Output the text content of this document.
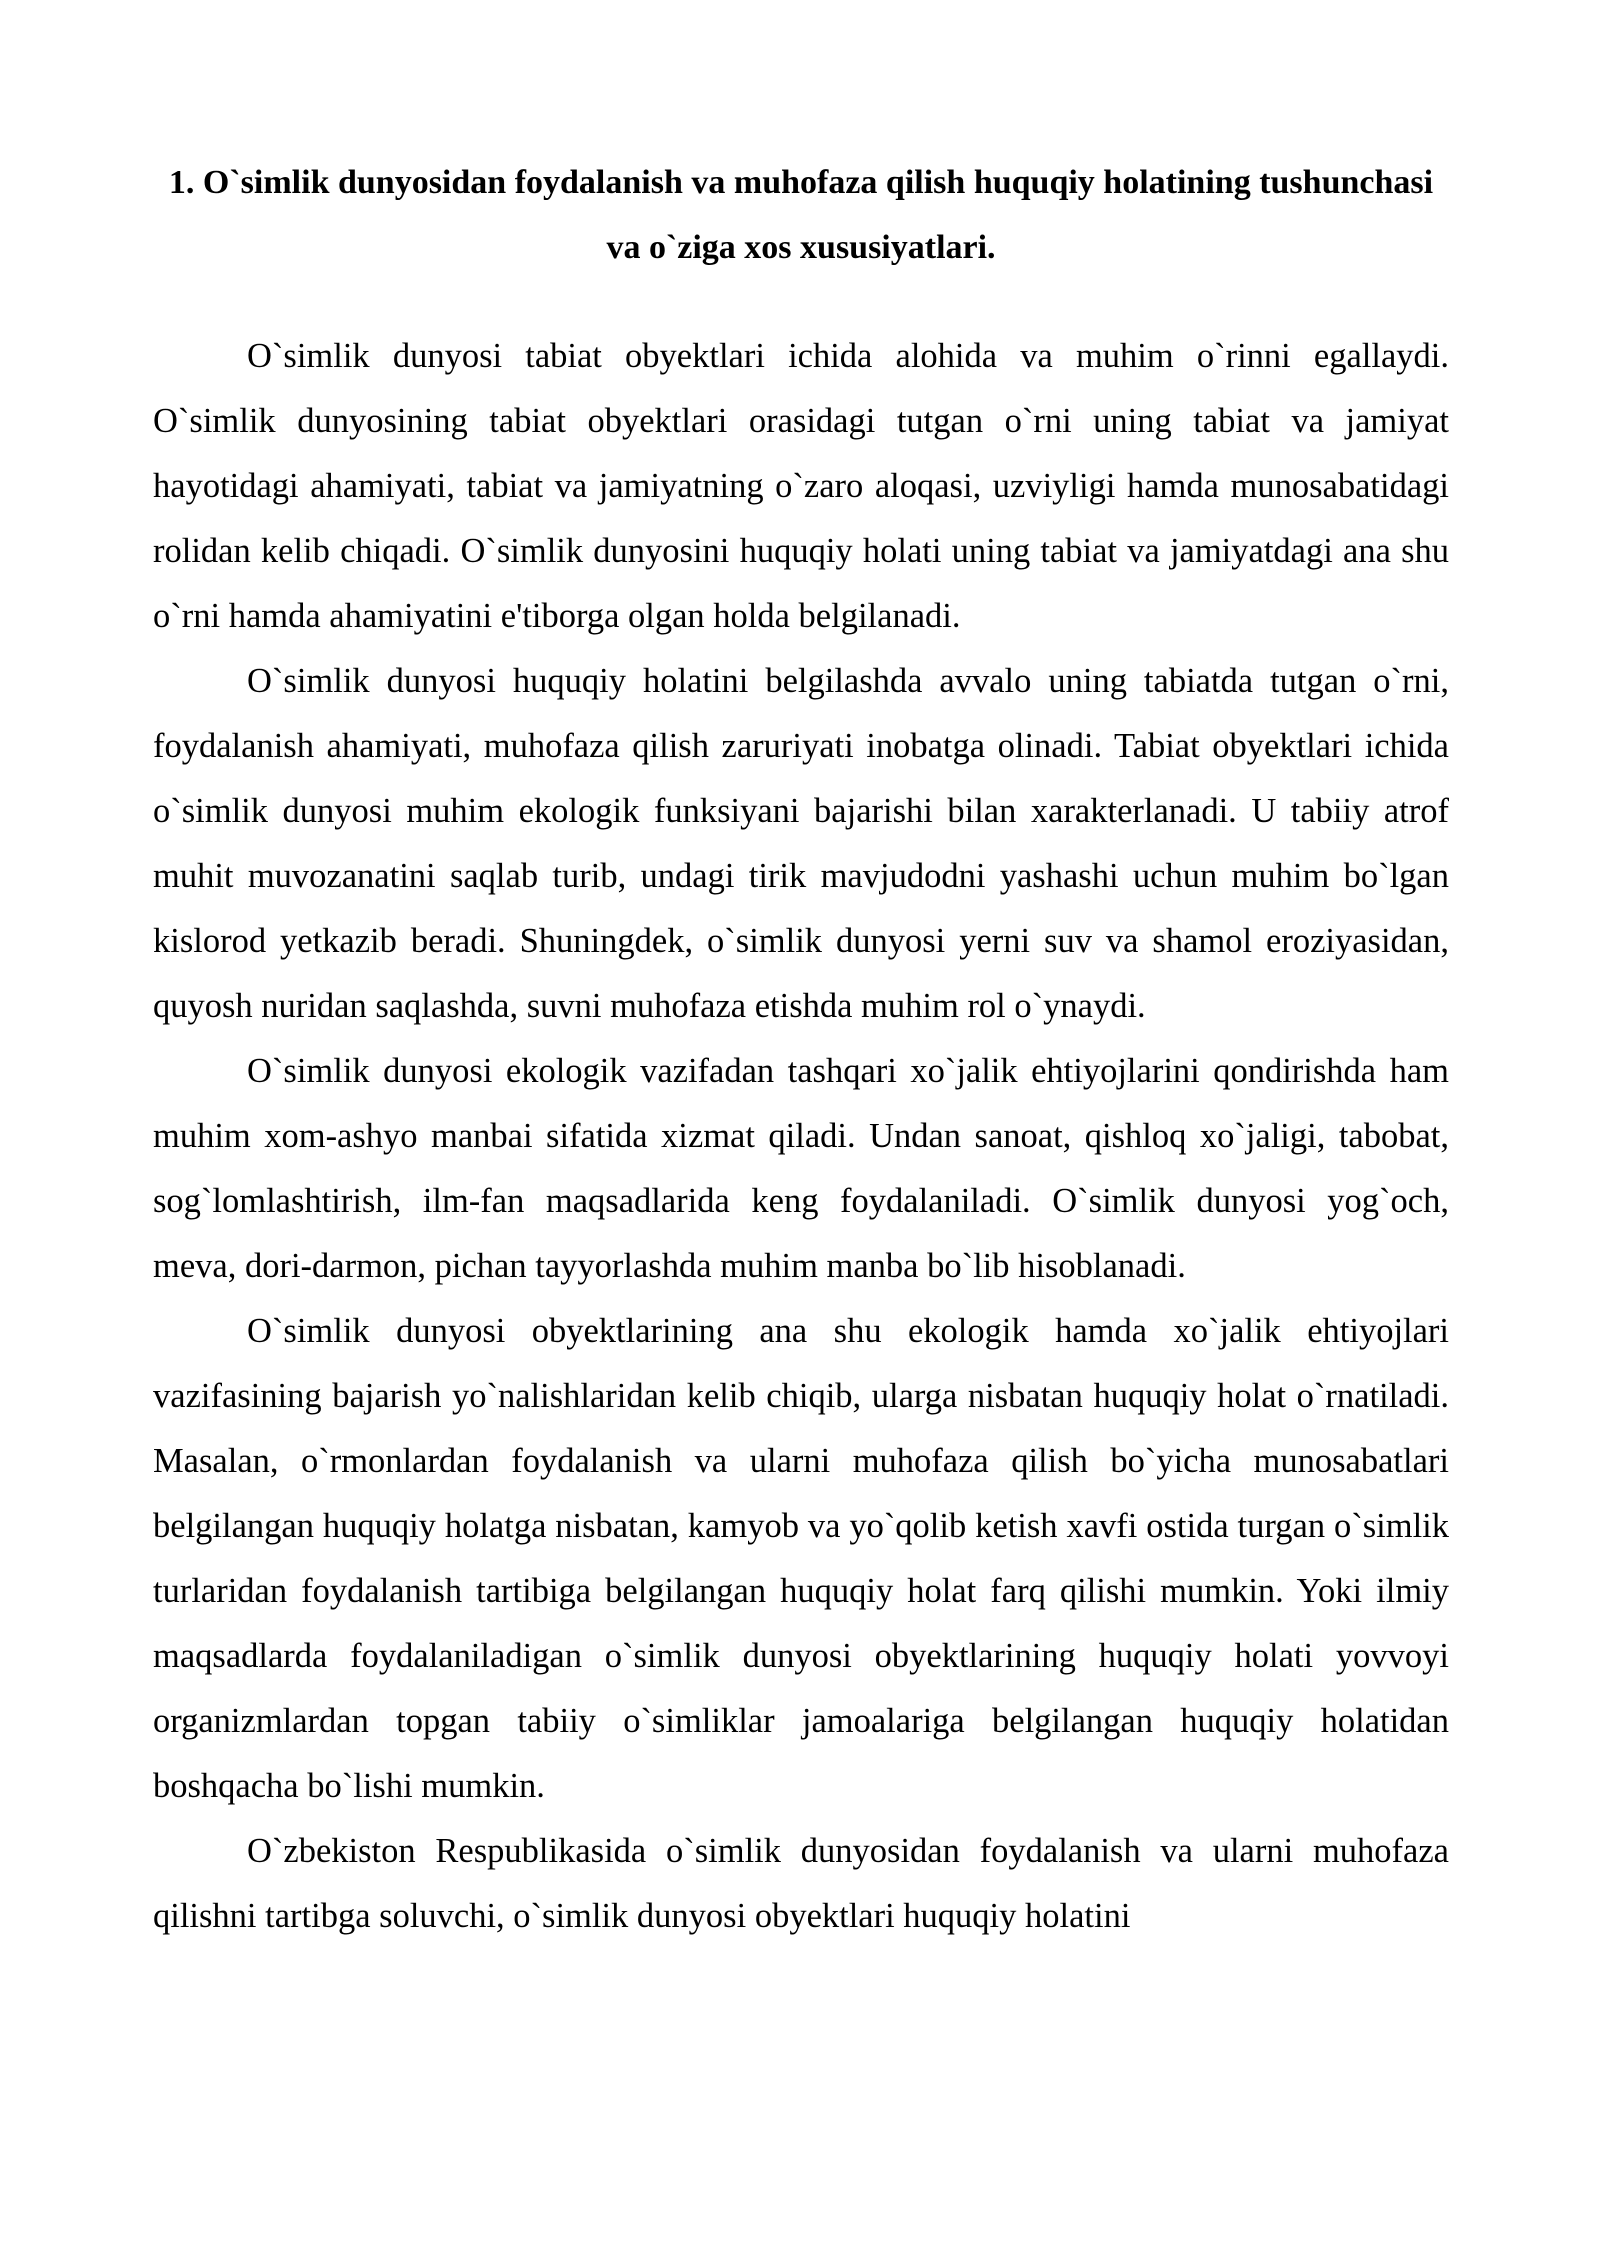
1. O`simlik dunyosidan foydalanish va muhofaza qilish huquqiy holatining tushunchasi va o`ziga xos xususiyatlari.

O`simlik dunyosi tabiat obyektlari ichida alohida va muhim o`rinni egallaydi. O`simlik dunyosining tabiat obyektlari orasidagi tutgan o`rni uning tabiat va jamiyat hayotidagi ahamiyati, tabiat va jamiyatning o`zaro aloqasi, uzviyligi hamda munosabatidagi rolidan kelib chiqadi. O`simlik dunyosini huquqiy holati uning tabiat va jamiyatdagi ana shu o`rni hamda ahamiyatini e'tiborga olgan holda belgilanadi.

O`simlik dunyosi huquqiy holatini belgilashda avvalo uning tabiatda tutgan o`rni, foydalanish ahamiyati, muhofaza qilish zaruriyati inobatga olinadi. Tabiat obyektlari ichida o`simlik dunyosi muhim ekologik funksiyani bajarishi bilan xarakterlanadi. U tabiiy atrof muhit muvozanatini saqlab turib, undagi tirik mavjudodni yashashi uchun muhim bo`lgan kislorod yetkazib beradi. Shuningdek, o`simlik dunyosi yerni suv va shamol eroziyasidan, quyosh nuridan saqlashda, suvni muhofaza etishda muhim rol o`ynaydi.

O`simlik dunyosi ekologik vazifadan tashqari xo`jalik ehtiyojlarini qondirishda ham muhim xom-ashyo manbai sifatida xizmat qiladi. Undan sanoat, qishloq xo`jaligi, tabobat, sog`lomlashtirish, ilm-fan maqsadlarida keng foydalaniladi. O`simlik dunyosi yog`och, meva, dori-darmon, pichan tayyorlashda muhim manba bo`lib hisoblanadi.

O`simlik dunyosi obyektlarining ana shu ekologik hamda xo`jalik ehtiyojlari vazifasining bajarish yo`nalishlaridan kelib chiqib, ularga nisbatan huquqiy holat o`rnatiladi. Masalan, o`rmonlardan foydalanish va ularni muhofaza qilish bo`yicha munosabatlari belgilangan huquqiy holatga nisbatan, kamyob va yo`qolib ketish xavfi ostida turgan o`simlik turlaridan foydalanish tartibiga belgilangan huquqiy holat farq qilishi mumkin. Yoki ilmiy maqsadlarda foydalaniladigan o`simlik dunyosi obyektlarining huquqiy holati yovvoyi organizmlardan topgan tabiiy o`simliklar jamoalariga belgilangan huquqiy holatidan boshqacha bo`lishi mumkin.

O`zbekiston Respublikasida o`simlik dunyosidan foydalanish va ularni muhofaza qilishni tartibga soluvchi, o`simlik dunyosi obyektlari huquqiy holatini
